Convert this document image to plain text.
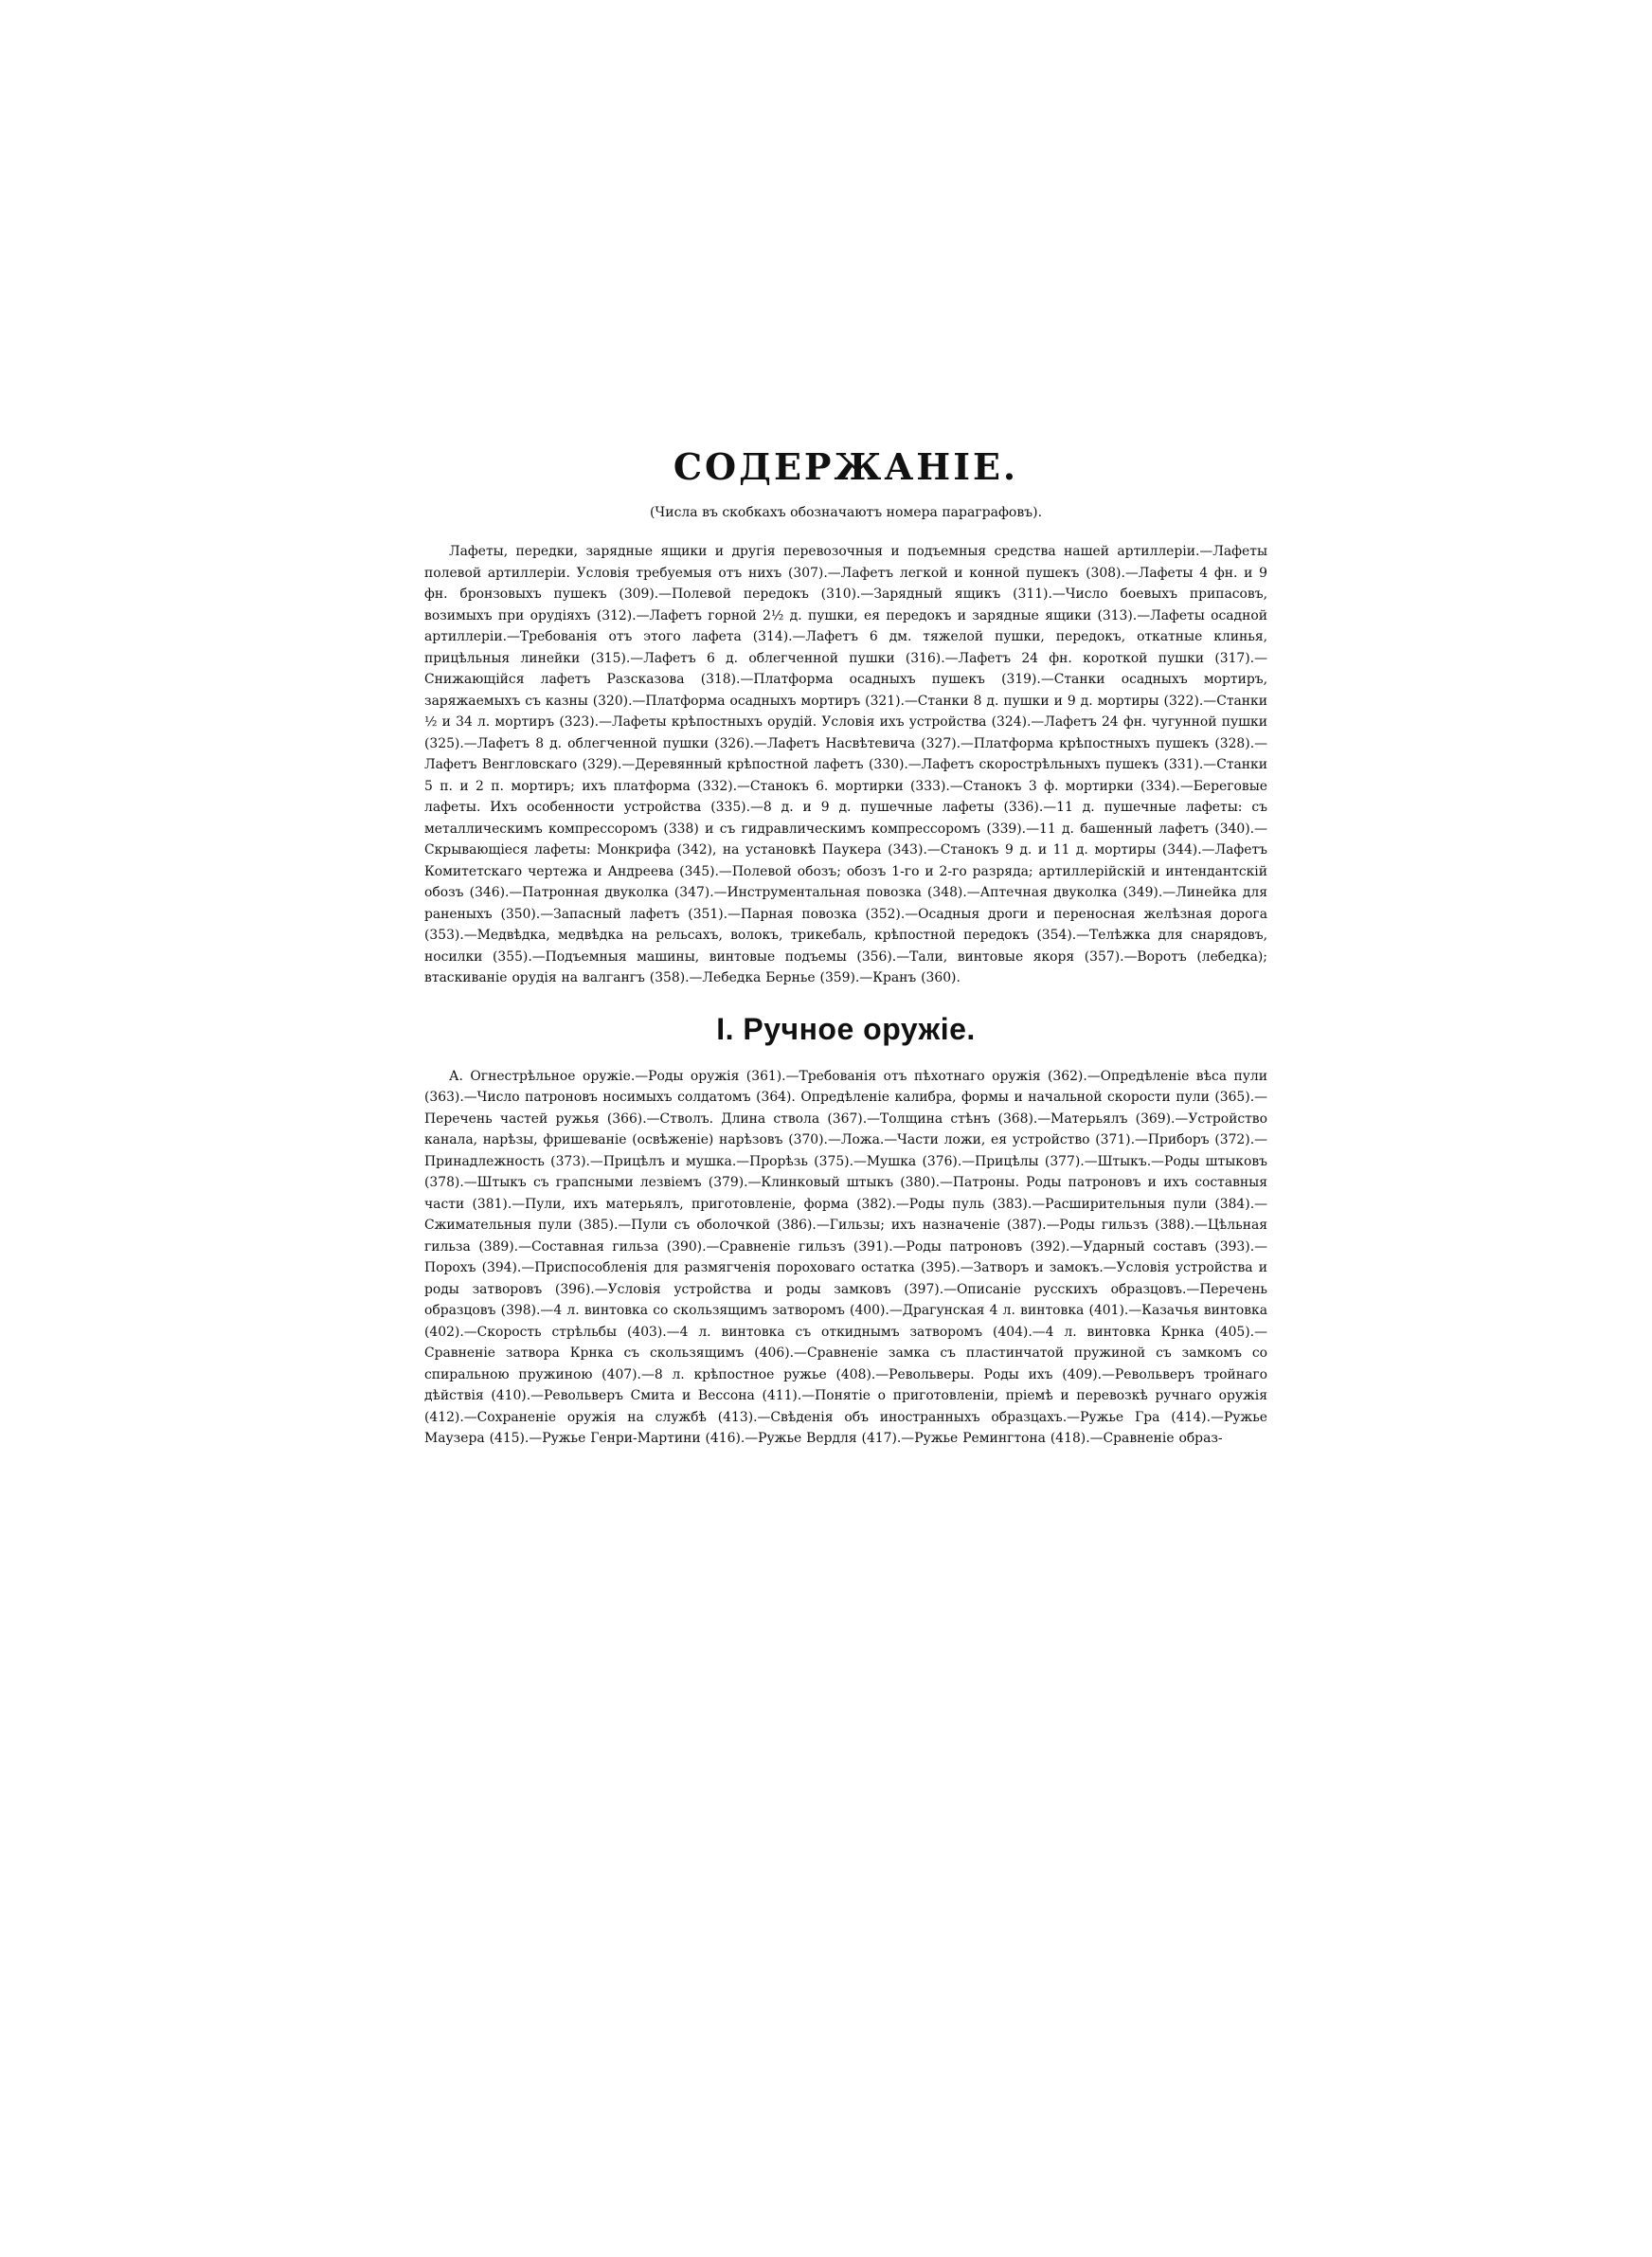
СОДЕРЖАНІЕ.

(Числа въ скобкахъ обозначаютъ номера параграфовъ).

Лафеты, передки, зарядные ящики и другія перевозочныя и подъемныя средства нашей артиллеріи.—Лафеты полевой артиллеріи. Условія требуемыя отъ нихъ (307).—Лафетъ легкой и конной пушекъ (308).—Лафеты 4 фн. и 9 фн. бронзовыхъ пушекъ (309).—Полевой передокъ (310).—Зарядный ящикъ (311).—Число боевыхъ припасовъ, возимыхъ при орудіяхъ (312).—Лафетъ горной 2½ д. пушки, ея передокъ и зарядные ящики (313).—Лафеты осадной артиллеріи.—Требованія отъ этого лафета (314).—Лафетъ 6 дм. тяжелой пушки, передокъ, откатные клинья, прицѣльныя линейки (315).—Лафетъ 6 д. облегченной пушки (316).—Лафетъ 24 фн. короткой пушки (317).—Снижающійся лафетъ Разсказова (318).—Платформа осадныхъ пушекъ (319).—Станки осадныхъ мортиръ, заряжаемыхъ съ казны (320).—Платформа осадныхъ мортиръ (321).—Станки 8 д. пушки и 9 д. мортиры (322).—Станки ½ и 34 л. мортиръ (323).—Лафеты крѣпостныхъ орудій. Условія ихъ устройства (324).—Лафетъ 24 фн. чугунной пушки (325).—Лафетъ 8 д. облегченной пушки (326).—Лафетъ Насвѣтевича (327).—Платформа крѣпостныхъ пушекъ (328).—Лафетъ Венгловскаго (329).—Деревянный крѣпостной лафетъ (330).—Лафетъ скорострѣльныхъ пушекъ (331).—Станки 5 п. и 2 п. мортиръ; ихъ платформа (332).—Станокъ 6. мортирки (333).—Станокъ 3 ф. мортирки (334).—Береговые лафеты. Ихъ особенности устройства (335).—8 д. и 9 д. пушечные лафеты (336).—11 д. пушечные лафеты: съ металлическимъ компрессоромъ (338) и съ гидравлическимъ компрессоромъ (339).—11 д. башенный лафетъ (340).—Скрывающіеся лафеты: Монкрифа (342), на установкѣ Паукера (343).—Станокъ 9 д. и 11 д. мортиры (344).—Лафетъ Комитетскаго чертежа и Андреева (345).—Полевой обозъ; обозъ 1-го и 2-го разряда; артиллерійскій и интендантскій обозъ (346).—Патронная двуколка (347).—Инструментальная повозка (348).—Аптечная двуколка (349).—Линейка для раненыхъ (350).—Запасный лафетъ (351).—Парная повозка (352).—Осадныя дроги и переносная желѣзная дорога (353).—Медвѣдка, медвѣдка на рельсахъ, волокъ, трикебаль, крѣпостной передокъ (354).—Телѣжка для снарядовъ, носилки (355).—Подъемныя машины, винтовые подъемы (356).—Тали, винтовые якоря (357).—Воротъ (лебедка); втаскиваніе орудія на валгангъ (358).—Лебедка Бернье (359).—Кранъ (360).

I. Ручное оружіе.

А. Огнестрѣльное оружіе.—Роды оружія (361).—Требованія отъ пѣхотнаго оружія (362).—Опредѣленіе вѣса пули (363).—Число патроновъ носимыхъ солдатомъ (364). Опредѣленіе калибра, формы и начальной скорости пули (365).—Перечень частей ружья (366).—Стволъ. Длина ствола (367).—Толщина стѣнъ (368).—Матерьялъ (369).—Устройство канала, нарѣзы, фришеваніе (освѣженіе) нарѣзовъ (370).—Ложа.—Части ложи, ея устройство (371).—Приборъ (372).—Принадлежность (373).—Прицѣлъ и мушка.—Прорѣзь (375).—Мушка (376).—Прицѣлы (377).—Штыкъ.—Роды штыковъ (378).—Штыкъ съ грапсными лезвіемъ (379).—Клинковый штыкъ (380).—Патроны. Роды патроновъ и ихъ составныя части (381).—Пули, ихъ матерьялъ, приготовленіе, форма (382).—Роды пуль (383).—Расширительныя пули (384).—Сжимательныя пули (385).—Пули съ оболочкой (386).—Гильзы; ихъ назначеніе (387).—Роды гильзъ (388).—Цѣльная гильза (389).—Составная гильза (390).—Сравненіе гильзъ (391).—Роды патроновъ (392).—Ударный составъ (393).—Порохъ (394).—Приспособленія для размягченія пороховаго остатка (395).—Затворъ и замокъ.—Условія устройства и роды затворовъ (396).—Условія устройства и роды замковъ (397).—Описаніе русскихъ образцовъ.—Перечень образцовъ (398).—4 л. винтовка со скользящимъ затворомъ (400).—Драгунская 4 л. винтовка (401).—Казачья винтовка (402).—Скорость стрѣльбы (403).—4 л. винтовка съ откиднымъ затворомъ (404).—4 л. винтовка Крнка (405).—Сравненіе затвора Крнка съ скользящимъ (406).—Сравненіе замка съ пластинчатой пружиной съ замкомъ со спиральною пружиною (407).—8 л. крѣпостное ружье (408).—Револьверы. Роды ихъ (409).—Револьверъ тройнаго дѣйствія (410).—Револьверъ Смита и Вессона (411).—Понятіе о приготовленіи, пріемѣ и перевозкѣ ручнаго оружія (412).—Сохраненіе оружія на службѣ (413).—Свѣденія объ иностранныхъ образцахъ.—Ружье Гра (414).—Ружье Маузера (415).—Ружье Генри-Мартини (416).—Ружье Вердля (417).—Ружье Ремингтона (418).—Сравненіе образ-
